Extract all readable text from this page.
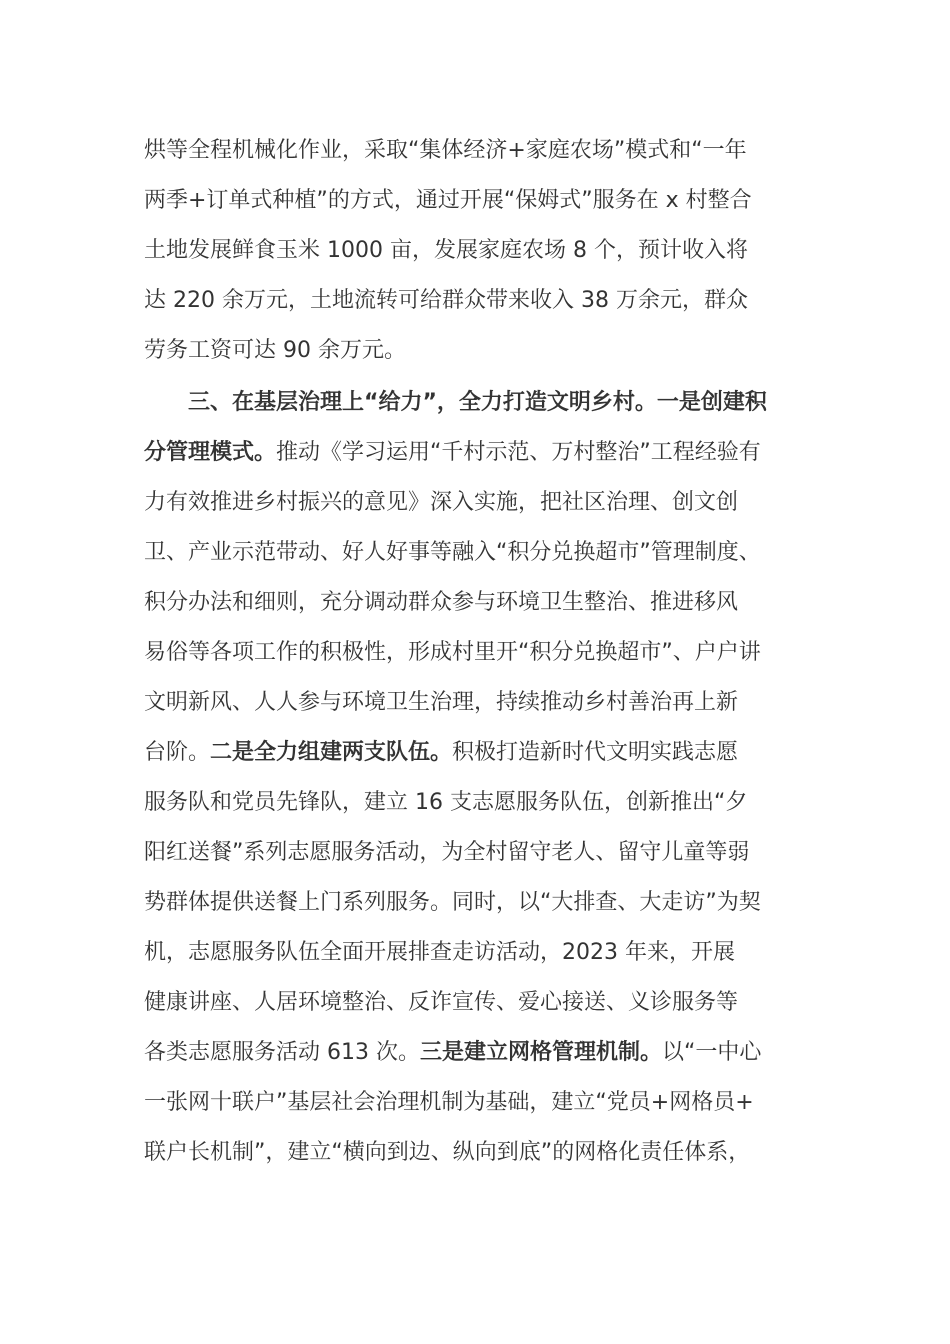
烘等全程机械化作业，采取“集体经济+家庭农场”模式和“一年
两季+订单式种植”的方式，通过开展“保姆式”服务在 x 村整合
土地发展鲜食玉米 1000 亩，发展家庭农场 8 个，预计收入将
达 220 余万元，土地流转可给群众带来收入 38 万余元，群众
劳务工资可达 90 余万元。
三、在基层治理上“给力”，全力打造文明乡村。一是创建积
分管理模式。推动《学习运用“千村示范、万村整治”工程经验有
力有效推进乡村振兴的意见》深入实施，把社区治理、创文创
卫、产业示范带动、好人好事等融入“积分兑换超市”管理制度、
积分办法和细则，充分调动群众参与环境卫生整治、推进移风
易俗等各项工作的积极性，形成村里开“积分兑换超市”、户户讲
文明新风、人人参与环境卫生治理，持续推动乡村善治再上新
台阶。二是全力组建两支队伍。积极打造新时代文明实践志愿
服务队和党员先锋队，建立 16 支志愿服务队伍，创新推出“夕
阳红送餐”系列志愿服务活动，为全村留守老人、留守儿童等弱
势群体提供送餐上门系列服务。同时，以“大排查、大走访”为契
机，志愿服务队伍全面开展排查走访活动，2023 年来，开展
健康讲座、人居环境整治、反诈宣传、爱心接送、义诊服务等
各类志愿服务活动 613 次。三是建立网格管理机制。以“一中心
一张网十联户”基层社会治理机制为基础，建立“党员+网格员+
联户长机制”，建立“横向到边、纵向到底”的网格化责任体系，
